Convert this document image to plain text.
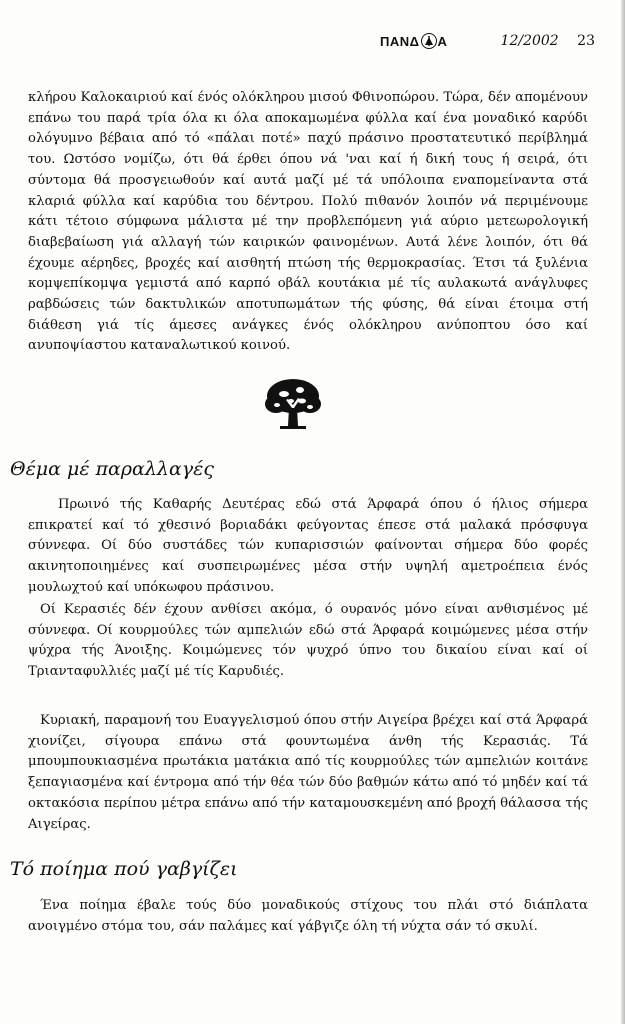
ΠΑΝΔ Α	12/2002 23

κλήρου Καλοκαιριού καί ένός ολόκληρου μισού Φθινοπώρου. Τώρα, δέν απομένουν επάνω του παρά τρία όλα κι όλα αποκαμωμένα φύλλα καί ένα μοναδικό καρύδι ολόγυμνο βέβαια από τό «πάλαι ποτέ» παχύ πράσινο προστατευτικό περίβλημά του. Ωστόσο νομίζω, ότι θά έρθει όπου νά 'ναι καί ή δική τους ή σειρά, ότι σύντομα θά προσγειωθούν καί αυτά μαζί μέ τά υπόλοιπα εναπομείναντα στά κλαριά φύλλα καί καρύδια του δέντρου. Πολύ πιθανόν λοιπόν νά περιμένουμε κάτι τέτοιο σύμφωνα μάλιστα μέ την προβλεπόμενη γιά αύριο μετεωρολογική διαβεβαίωση γιά αλλαγή τών καιρικών φαινομένων. Αυτά λένε λοιπόν, ότι θά έχουμε αέρηδες, βροχές καί αισθητή πτώση τής θερμοκρασίας. Έτσι τά ξυλένια κομψεπίκομψα γεμιστά από καρπό οβάλ κουτάκια μέ τίς αυλακωτά ανάγλυφες ραβδώσεις τών δακτυλικών αποτυπωμάτων τής φύσης, θά είναι έτοιμα στή διάθεση γιά τίς άμεσες ανάγκες ένός ολόκληρου ανύποπτου όσο καί ανυποψίαστου καταναλωτικού κοινού.

Θέμα μέ παραλλαγές

Πρωινό τής Καθαρής Δευτέρας εδώ στά Άρφαρά όπου ό ήλιος σήμερα επικρατεί καί τό χθεσινό βοριαδάκι φεύγοντας έπεσε στά μαλακά πρόσφυγα σύννεφα. Οί δύο συστάδες τών κυπαρισσιών φαίνονται σήμερα δύο φορές ακινητοποιημένες καί συσπειρωμένες μέσα στήν υψηλή αμετροέπεια ένός μουλωχτού καί υπόκωφου πράσινου.

Οί Κερασιές δέν έχουν ανθίσει ακόμα, ό ουρανός μόνο είναι ανθισμένος μέ σύννεφα. Οί κουρμούλες τών αμπελιών εδώ στά Άρφαρά κοιμώμενες μέσα στήν ψύχρα τής Άνοιξης. Κοιμώμενες τόν ψυχρό ύπνο του δικαίου είναι καί οί Τριανταφυλλιές μαζί μέ τίς Καρυδιές.

Κυριακή, παραμονή του Ευαγγελισμού όπου στήν Αιγείρα βρέχει καί στά Άρφαρά χιονίζει, σίγουρα επάνω στά φουντωμένα άνθη τής Κερασιάς. Τά μπουμπουκιασμένα πρωτάκια ματάκια από τίς κουρμούλες τών αμπελιών κοιτάνε ξεπαγιασμένα καί έντρομα από τήν θέα τών δύο βαθμών κάτω από τό μηδέν καί τά οκτακόσια περίπου μέτρα επάνω από τήν καταμουσκεμένη από βροχή θάλασσα τής Αιγείρας.

Τό ποίημα πού γαβγίζει

Ένα ποίημα έβαλε τούς δύο μοναδικούς στίχους του πλάι στό διάπλατα ανοιγμένο στόμα του, σάν παλάμες καί γάβγιζε όλη τή νύχτα σάν τό σκυλί.
